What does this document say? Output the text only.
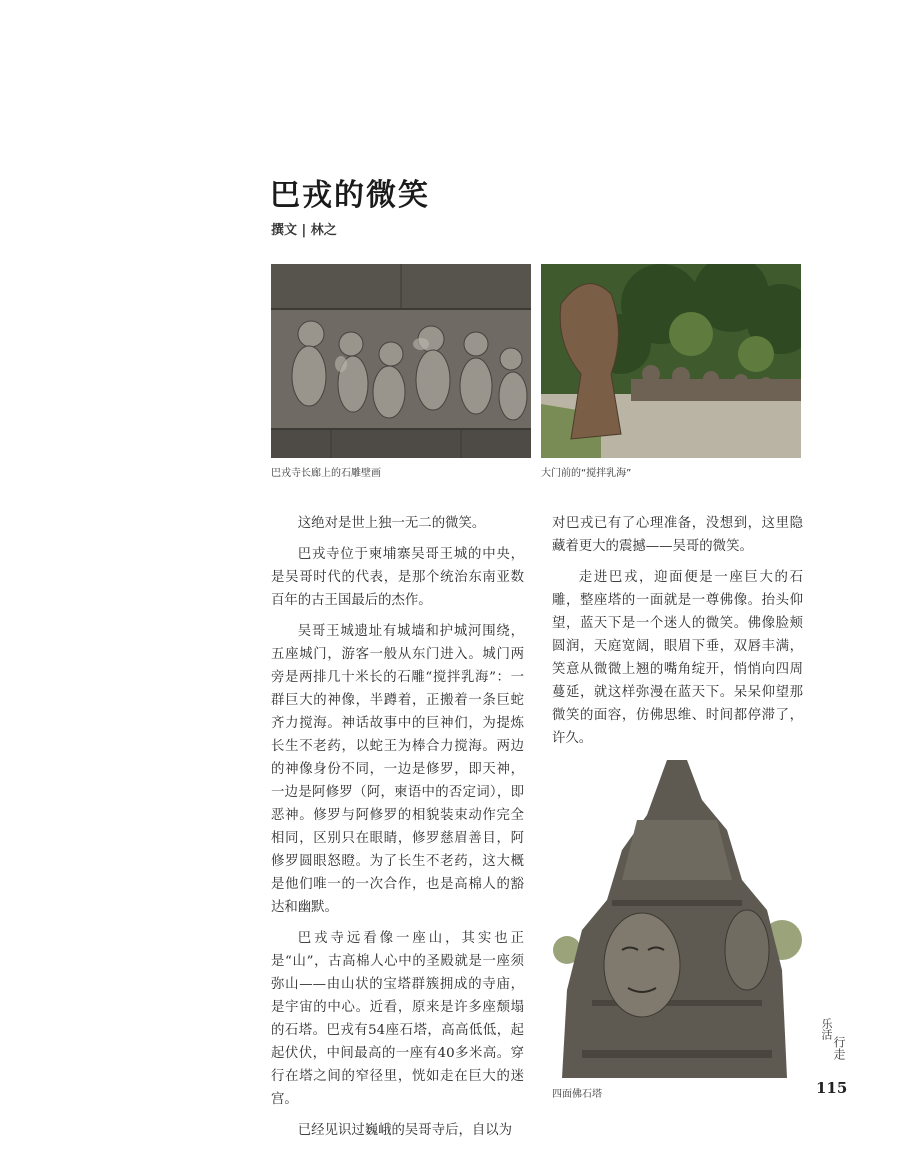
巴戎的微笑
撰文 | 林之
巴戎寺长廊上的石雕壁画	大门前的“搅拌乳海”
四面佛石塔

这绝对是世上独一无二的微笑。

巴戎寺位于柬埔寨吴哥王城的中央，是吴哥时代的代表，是那个统治东南亚数百年的古王国最后的杰作。

吴哥王城遗址有城墙和护城河围绕，五座城门，游客一般从东门进入。城门两旁是两排几十米长的石雕“搅拌乳海”：一群巨大的神像，半蹲着，正搬着一条巨蛇齐力搅海。神话故事中的巨神们，为提炼长生不老药，以蛇王为棒合力搅海。两边的神像身份不同，一边是修罗，即天神，一边是阿修罗（阿，柬语中的否定词），即恶神。修罗与阿修罗的相貌装束动作完全相同，区别只在眼睛，修罗慈眉善目，阿修罗圆眼怒瞪。为了长生不老药，这大概是他们唯一的一次合作，也是高棉人的豁达和幽默。

巴戎寺远看像一座山，其实也正是“山”，古高棉人心中的圣殿就是一座须弥山——由山状的宝塔群簇拥成的寺庙，是宇宙的中心。近看，原来是许多座颓塌的石塔。巴戎有54座石塔，高高低低，起起伏伏，中间最高的一座有40多米高。穿行在塔之间的窄径里，恍如走在巨大的迷宫。

已经见识过巍峨的吴哥寺后，自以为

对巴戎已有了心理准备，没想到，这里隐藏着更大的震撼——吴哥的微笑。

走进巴戎，迎面便是一座巨大的石雕，整座塔的一面就是一尊佛像。抬头仰望，蓝天下是一个迷人的微笑。佛像脸颊圆润，天庭宽阔，眼眉下垂，双唇丰满，笑意从微微上翘的嘴角绽开，悄悄向四周蔓延，就这样弥漫在蓝天下。呆呆仰望那微笑的面容，仿佛思维、时间都停滞了，许久。

乐活
行走
115
